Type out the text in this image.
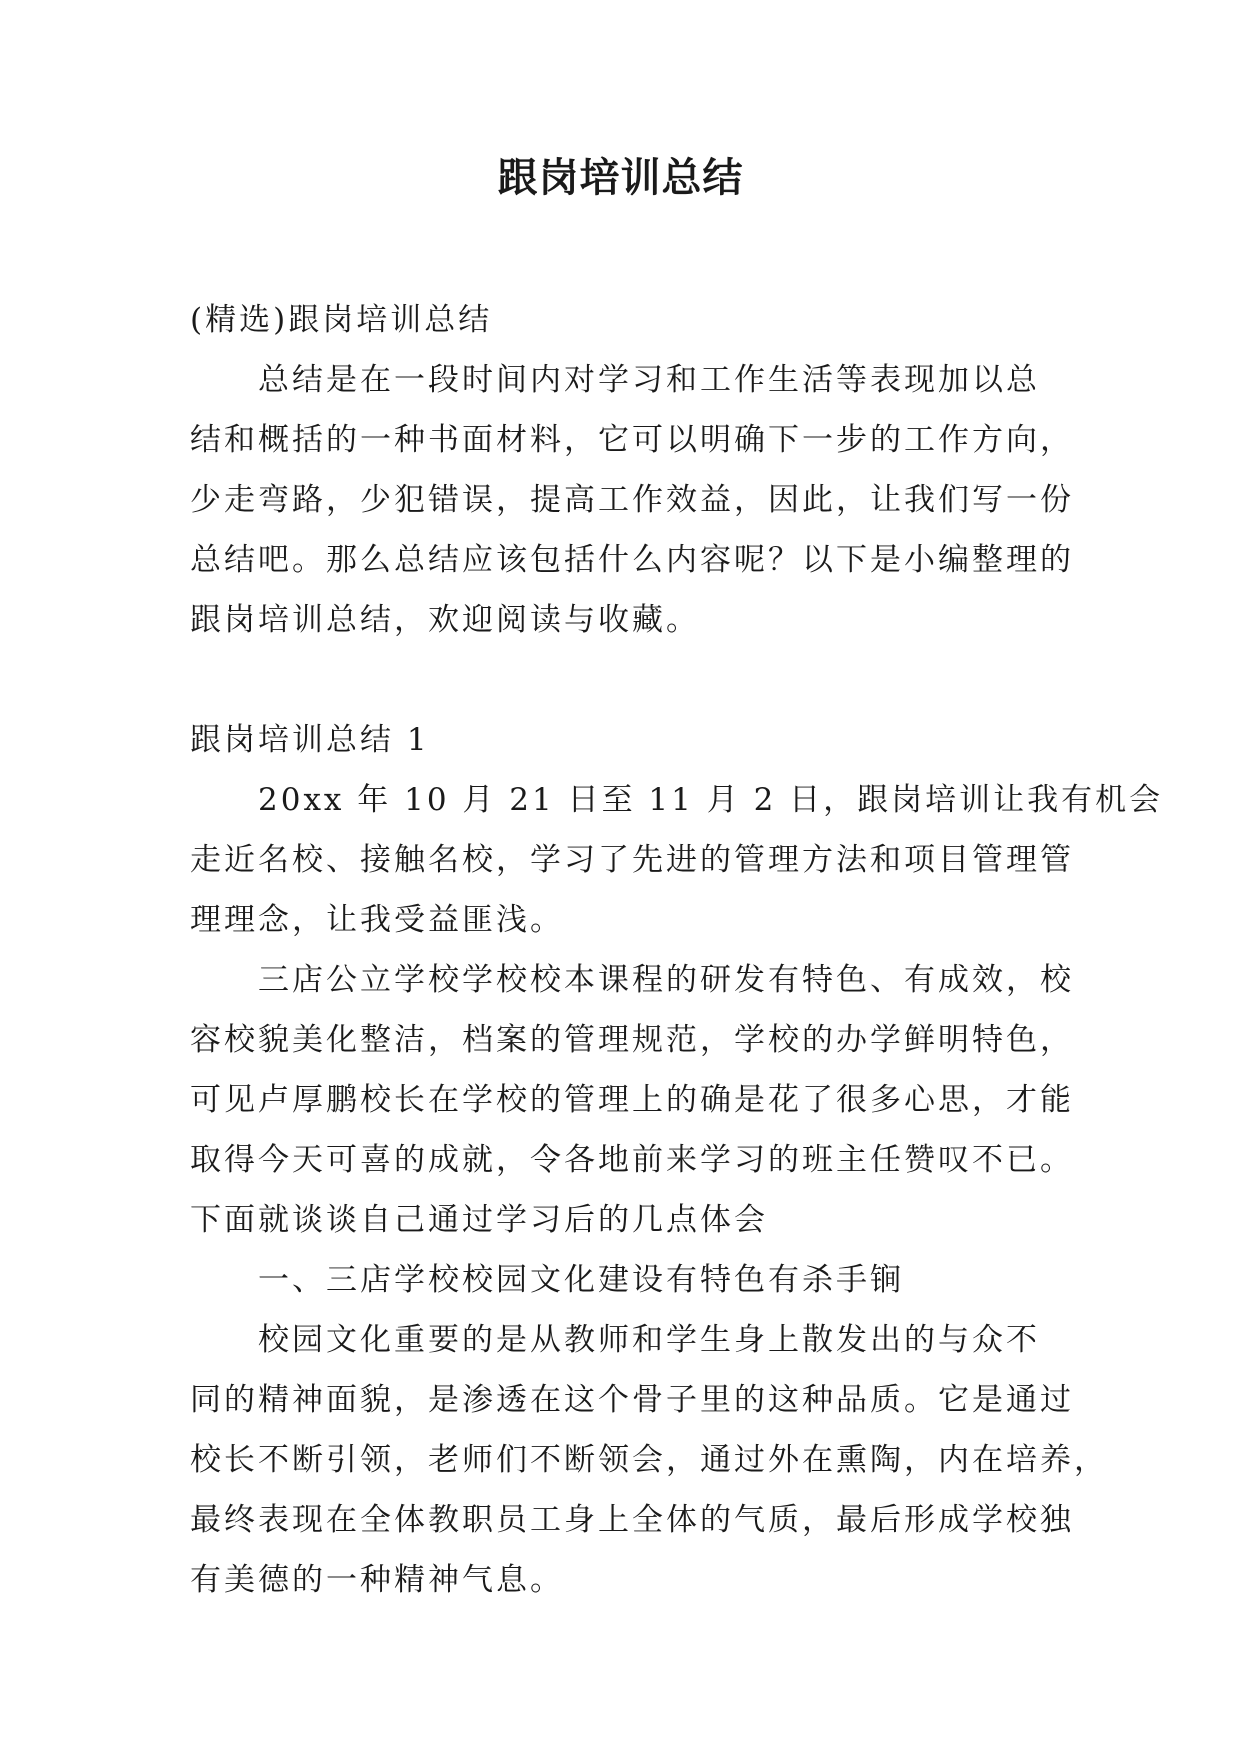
跟岗培训总结
(精选)跟岗培训总结
总结是在一段时间内对学习和工作生活等表现加以总
结和概括的一种书面材料，它可以明确下一步的工作方向，
少走弯路，少犯错误，提高工作效益，因此，让我们写一份
总结吧。那么总结应该包括什么内容呢？以下是小编整理的
跟岗培训总结，欢迎阅读与收藏。
跟岗培训总结 1
20xx 年 10 月 21 日至 11 月 2 日，跟岗培训让我有机会
走近名校、接触名校，学习了先进的管理方法和项目管理管
理理念，让我受益匪浅。
三店公立学校学校校本课程的研发有特色、有成效，校
容校貌美化整洁，档案的管理规范，学校的办学鲜明特色，
可见卢厚鹏校长在学校的管理上的确是花了很多心思，才能
取得今天可喜的成就，令各地前来学习的班主任赞叹不已。
下面就谈谈自己通过学习后的几点体会
一、三店学校校园文化建设有特色有杀手锏
校园文化重要的是从教师和学生身上散发出的与众不
同的精神面貌，是渗透在这个骨子里的这种品质。它是通过
校长不断引领，老师们不断领会，通过外在熏陶，内在培养，
最终表现在全体教职员工身上全体的气质，最后形成学校独
有美德的一种精神气息。
